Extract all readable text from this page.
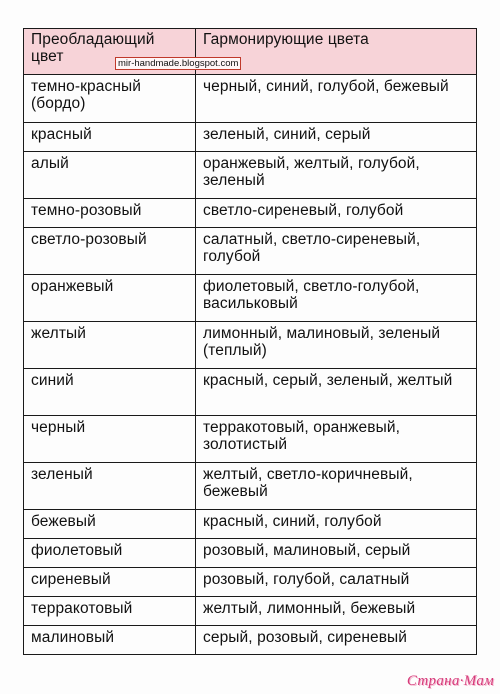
Преобладающий цвет	Гармонирующие цвета

темно-красный (бордо)	черный, синий, голубой, бежевый
красный	зеленый, синий, серый
алый	оранжевый, желтый, голубой, зеленый
темно-розовый	светло-сиреневый, голубой
светло-розовый	салатный, светло-сиреневый, голубой
оранжевый	фиолетовый, светло-голубой, васильковый
желтый	лимонный, малиновый, зеленый (теплый)
синий	красный, серый, зеленый, желтый
черный	терракотовый, оранжевый, золотистый
зеленый	желтый, светло-коричневый, бежевый
бежевый	красный, синий, голубой
фиолетовый	розовый, малиновый, серый
сиреневый	розовый, голубой, салатный
терракотовый	желтый, лимонный, бежевый
малиновый	серый, розовый, сиреневый
mir-handmade.blogspot.com
Страна·Мам
